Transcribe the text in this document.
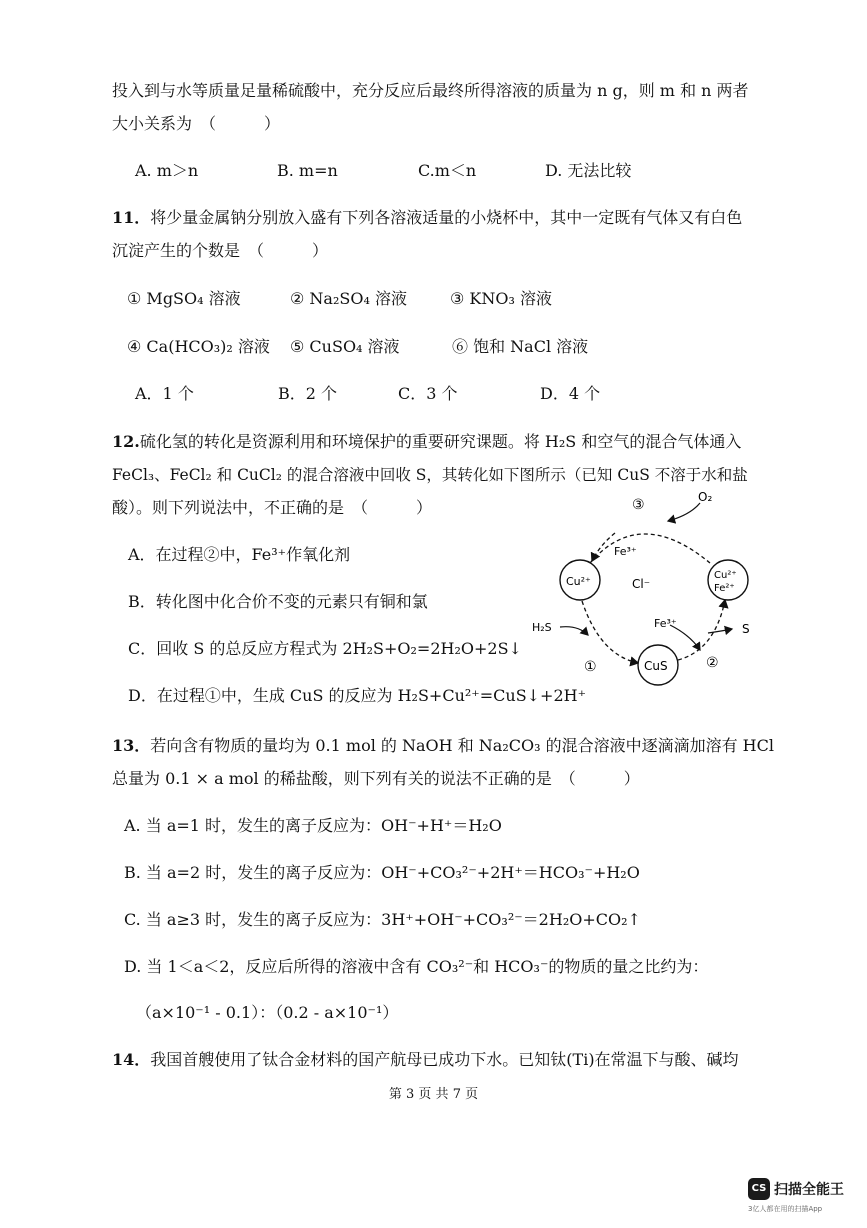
投入到与水等质量足量稀硫酸中，充分反应后最终所得溶液的质量为 n g，则 m 和 n 两者
大小关系为　（　　　）
A. m＞n	B. m=n	C.m＜n	D. 无法比较
11．将少量金属钠分别放入盛有下列各溶液适量的小烧杯中，其中一定既有气体又有白色
沉淀产生的个数是　（　　　）
① MgSO₄ 溶液	② Na₂SO₄ 溶液	③ KNO₃ 溶液
④ Ca(HCO₃)₂ 溶液 ⑤ CuSO₄ 溶液	⑥ 饱和 NaCl 溶液
A．1 个	B．2 个	C．3 个	D．4 个
12.硫化氢的转化是资源利用和环境保护的重要研究课题。将 H₂S 和空气的混合气体通入
FeCl₃、FeCl₂ 和 CuCl₂ 的混合溶液中回收 S，其转化如下图所示（已知 CuS 不溶于水和盐
酸）。则下列说法中，不正确的是　（　　　）
A．在过程②中，Fe³⁺作氧化剂
B．转化图中化合价不变的元素只有铜和氯
C．回收 S 的总反应方程式为 2H₂S+O₂=2H₂O+2S↓
D．在过程①中，生成 CuS 的反应为 H₂S+Cu²⁺=CuS↓+2H⁺
O₂
③
Fe³⁺
Cu²⁺	Cl⁻
Cu²⁺
Fe²⁺
H₂S	Fe³⁺	S
①	CuS	②
13．若向含有物质的量均为 0.1 mol 的 NaOH 和 Na₂CO₃ 的混合溶液中逐滴滴加溶有 HCl
总量为 0.1 × a mol 的稀盐酸，则下列有关的说法不正确的是　（　　　）
A. 当 a=1 时，发生的离子反应为：OH⁻+H⁺＝H₂O
B. 当 a=2 时，发生的离子反应为：OH⁻+CO₃²⁻+2H⁺＝HCO₃⁻+H₂O
C. 当 a≥3 时，发生的离子反应为：3H⁺+OH⁻+CO₃²⁻＝2H₂O+CO₂↑
D. 当 1＜a＜2，反应后所得的溶液中含有 CO₃²⁻和 HCO₃⁻的物质的量之比约为：
（a×10⁻¹ - 0.1）：（0.2 - a×10⁻¹）
14．我国首艘使用了钛合金材料的国产航母已成功下水。已知钛(Ti)在常温下与酸、碱均
第 3 页 共 7 页
CS 扫描全能王
3亿人都在用的扫描App
